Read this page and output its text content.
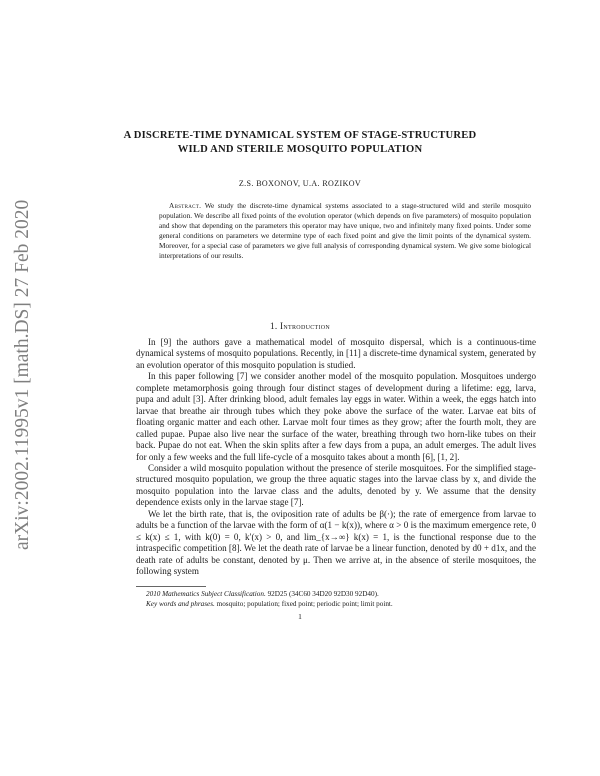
arXiv:2002.11995v1 [math.DS] 27 Feb 2020
A DISCRETE-TIME DYNAMICAL SYSTEM OF STAGE-STRUCTURED
WILD AND STERILE MOSQUITO POPULATION
Z.S. BOXONOV, U.A. ROZIKOV
Abstract. We study the discrete-time dynamical systems associated to a stage-structured wild and sterile mosquito population. We describe all fixed points of the evolution operator (which depends on five parameters) of mosquito population and show that depending on the parameters this operator may have unique, two and infinitely many fixed points. Under some general conditions on parameters we determine type of each fixed point and give the limit points of the dynamical system. Moreover, for a special case of parameters we give full analysis of corresponding dynamical system. We give some biological interpretations of our results.
1. Introduction

In [9] the authors gave a mathematical model of mosquito dispersal, which is a continuous-time dynamical systems of mosquito populations. Recently, in [11] a discrete-time dynamical system, generated by an evolution operator of this mosquito population is studied.

In this paper following [7] we consider another model of the mosquito population. Mosquitoes undergo complete metamorphosis going through four distinct stages of development during a lifetime: egg, larva, pupa and adult [3]. After drinking blood, adult females lay eggs in water. Within a week, the eggs hatch into larvae that breathe air through tubes which they poke above the surface of the water. Larvae eat bits of floating organic matter and each other. Larvae molt four times as they grow; after the fourth molt, they are called pupae. Pupae also live near the surface of the water, breathing through two horn-like tubes on their back. Pupae do not eat. When the skin splits after a few days from a pupa, an adult emerges. The adult lives for only a few weeks and the full life-cycle of a mosquito takes about a month [6], [1, 2].

Consider a wild mosquito population without the presence of sterile mosquitoes. For the simplified stage-structured mosquito population, we group the three aquatic stages into the larvae class by x, and divide the mosquito population into the larvae class and the adults, denoted by y. We assume that the density dependence exists only in the larvae stage [7].

We let the birth rate, that is, the oviposition rate of adults be β(·); the rate of emergence from larvae to adults be a function of the larvae with the form of α(1 − k(x)), where α > 0 is the maximum emergence rete, 0 ≤ k(x) ≤ 1, with k(0) = 0, k′(x) > 0, and lim_{x→∞} k(x) = 1, is the functional response due to the intraspecific competition [8]. We let the death rate of larvae be a linear function, denoted by d0 + d1x, and the death rate of adults be constant, denoted by μ. Then we arrive at, in the absence of sterile mosquitoes, the following system

2010 Mathematics Subject Classification. 92D25 (34C60 34D20 92D30 92D40).
Key words and phrases. mosquito; population; fixed point; periodic point; limit point.
1
